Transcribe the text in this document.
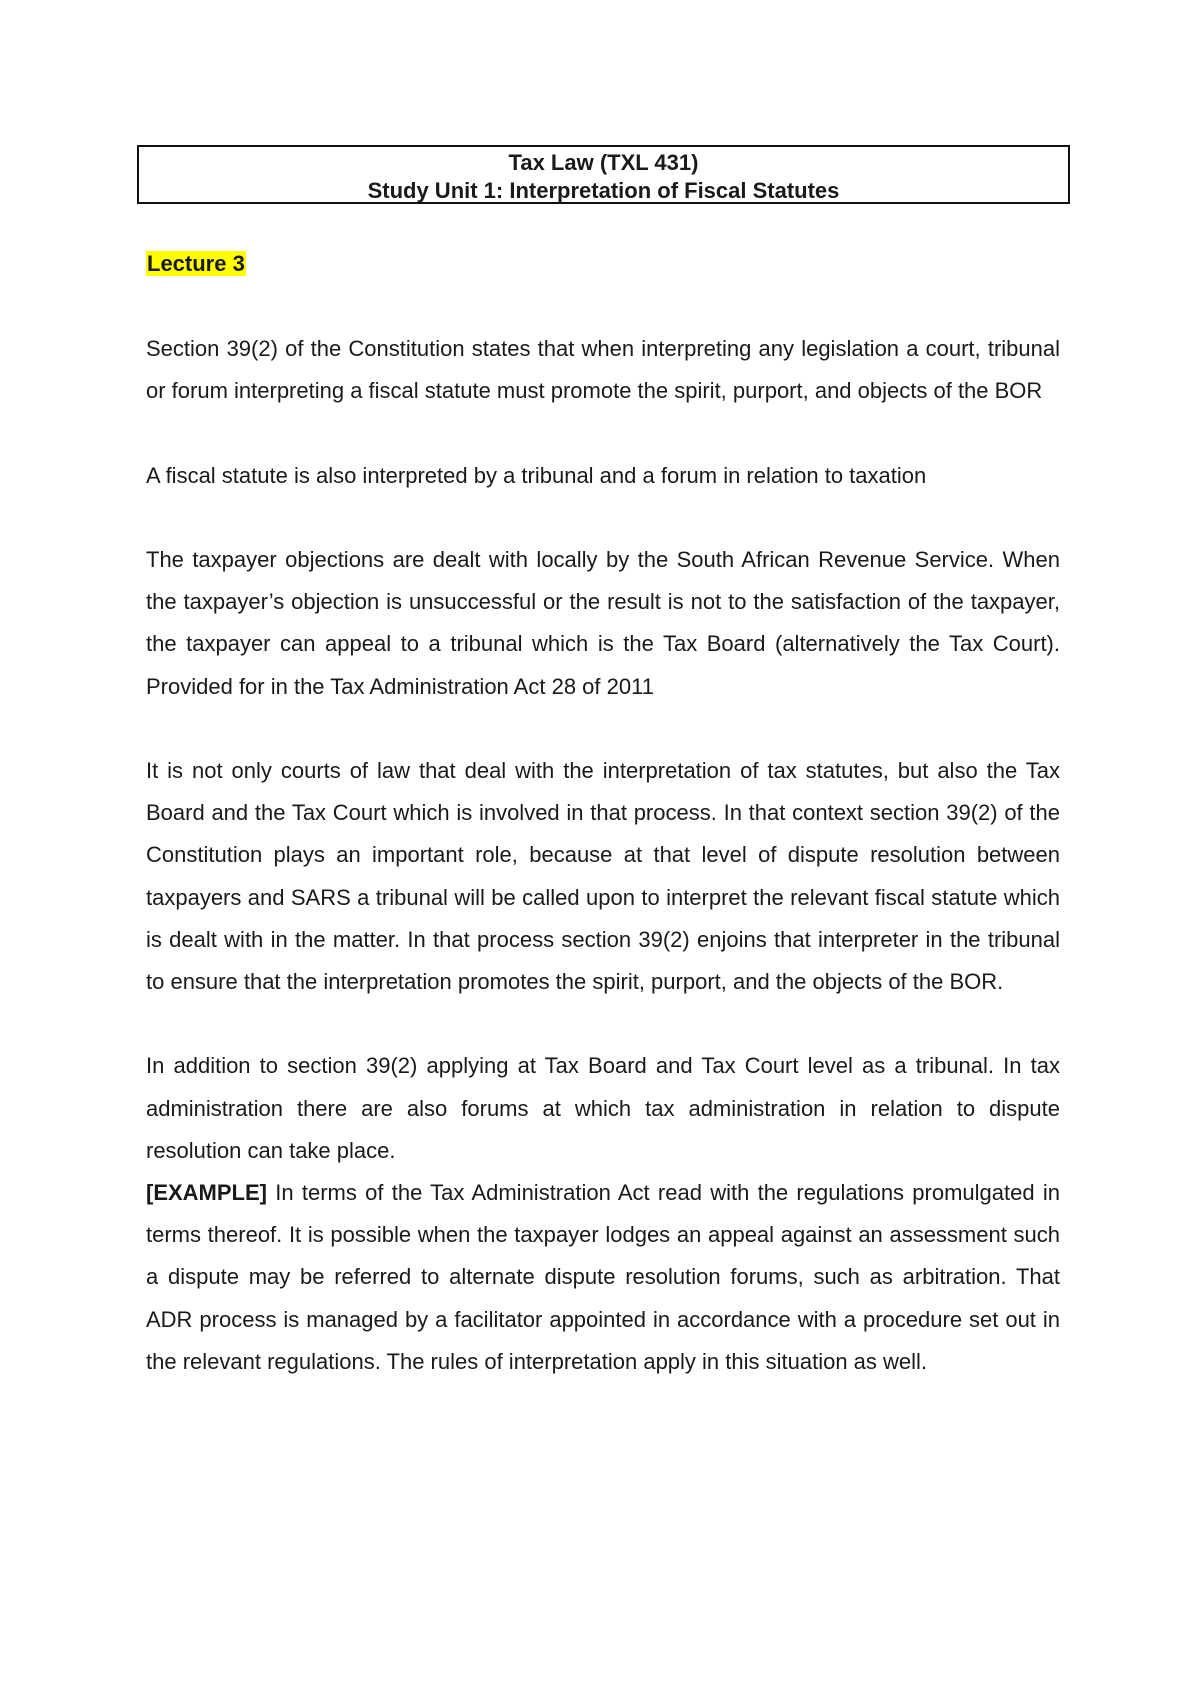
Tax Law (TXL 431)
Study Unit 1: Interpretation of Fiscal Statutes
Lecture 3

Section 39(2) of the Constitution states that when interpreting any legislation a court, tribunal or forum interpreting a fiscal statute must promote the spirit, purport, and objects of the BOR

A fiscal statute is also interpreted by a tribunal and a forum in relation to taxation

The taxpayer objections are dealt with locally by the South African Revenue Service. When the taxpayer’s objection is unsuccessful or the result is not to the satisfaction of the taxpayer, the taxpayer can appeal to a tribunal which is the Tax Board (alternatively the Tax Court). Provided for in the Tax Administration Act 28 of 2011

It is not only courts of law that deal with the interpretation of tax statutes, but also the Tax Board and the Tax Court which is involved in that process. In that context section 39(2) of the Constitution plays an important role, because at that level of dispute resolution between taxpayers and SARS a tribunal will be called upon to interpret the relevant fiscal statute which is dealt with in the matter. In that process section 39(2) enjoins that interpreter in the tribunal to ensure that the interpretation promotes the spirit, purport, and the objects of the BOR.

In addition to section 39(2) applying at Tax Board and Tax Court level as a tribunal. In tax administration there are also forums at which tax administration in relation to dispute resolution can take place.

[EXAMPLE] In terms of the Tax Administration Act read with the regulations promulgated in terms thereof. It is possible when the taxpayer lodges an appeal against an assessment such a dispute may be referred to alternate dispute resolution forums, such as arbitration. That ADR process is managed by a facilitator appointed in accordance with a procedure set out in the relevant regulations. The rules of interpretation apply in this situation as well.
